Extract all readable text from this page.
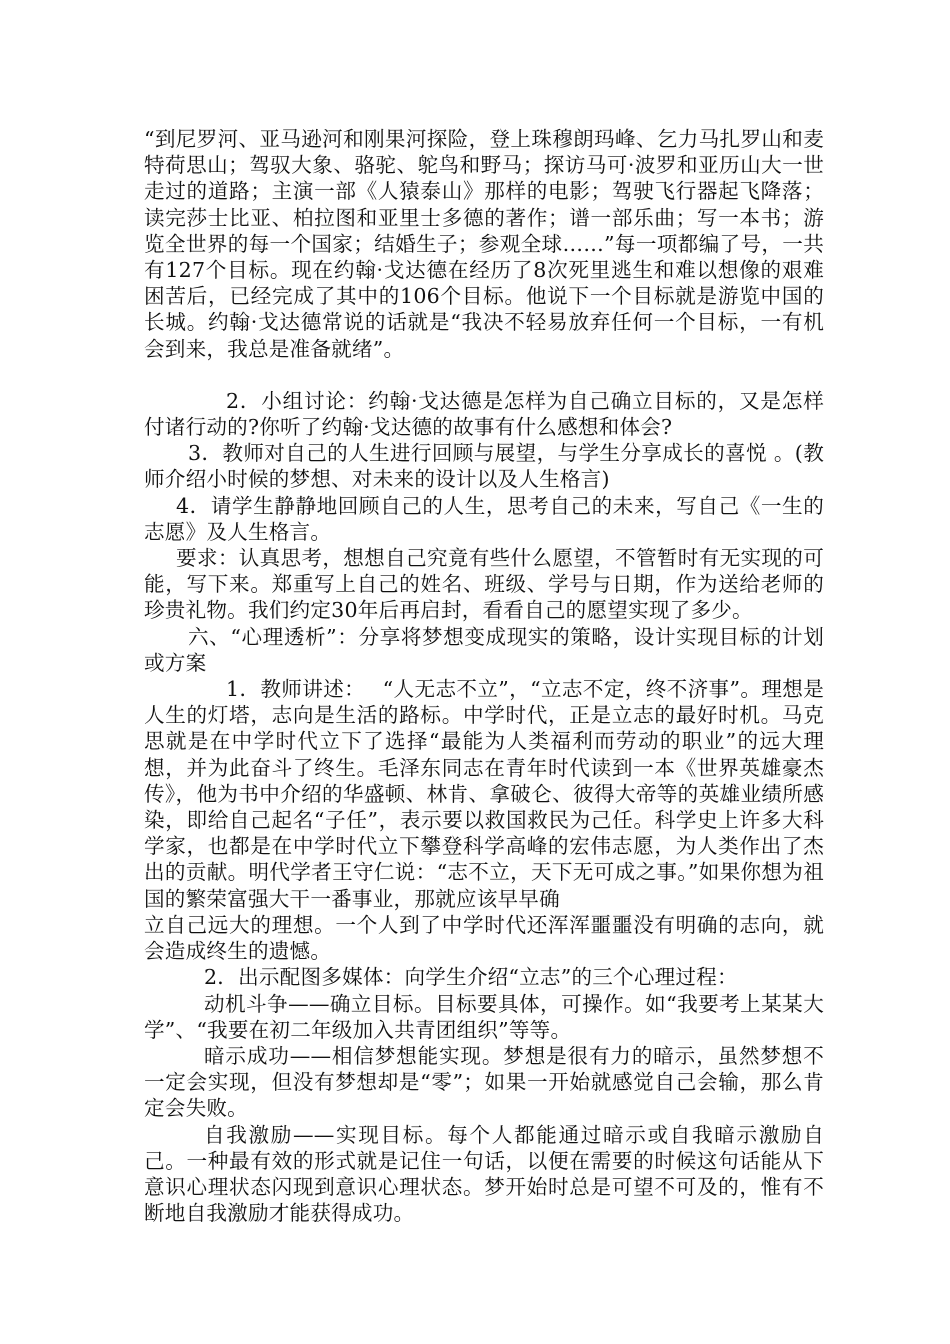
“到尼罗河、亚马逊河和刚果河探险，登上珠穆朗玛峰、乞力马扎罗山和麦特荷思山；驾驭大象、骆驼、鸵鸟和野马；探访马可·波罗和亚历山大一世走过的道路；主演一部《人猿泰山》那样的电影；驾驶飞行器起飞降落；读完莎士比亚、柏拉图和亚里士多德的著作；谱一部乐曲；写一本书；游览全世界的每一个国家；结婚生子；参观全球……”每一项都编了号，一共有127个目标。现在约翰·戈达德在经历了8次死里逃生和难以想像的艰难困苦后，已经完成了其中的106个目标。他说下一个目标就是游览中国的长城。约翰·戈达德常说的话就是“我决不轻易放弃任何一个目标，一有机会到来，我总是准备就绪”。

2．小组讨论：约翰·戈达德是怎样为自己确立目标的，又是怎样付诸行动的?你听了约翰·戈达德的故事有什么感想和体会?

3．教师对自己的人生进行回顾与展望，与学生分享成长的喜悦 。(教师介绍小时候的梦想、对未来的设计以及人生格言)

4．请学生静静地回顾自己的人生，思考自己的未来，写自己《一生的志愿》及人生格言。

要求：认真思考，想想自己究竟有些什么愿望，不管暂时有无实现的可能，写下来。郑重写上自己的姓名、班级、学号与日期，作为送给老师的珍贵礼物。我们约定30年后再启封，看看自己的愿望实现了多少。

六、“心理透析”：分享将梦想变成现实的策略，设计实现目标的计划或方案

1．教师讲述：　 “人无志不立”，“立志不定，终不济事”。理想是人生的灯塔，志向是生活的路标。中学时代，正是立志的最好时机。马克思就是在中学时代立下了选择“最能为人类福利而劳动的职业”的远大理想，并为此奋斗了终生。毛泽东同志在青年时代读到一本《世界英雄豪杰传》，他为书中介绍的华盛顿、林肯、拿破仑、彼得大帝等的英雄业绩所感染，即给自己起名“子任”，表示要以救国救民为己任。科学史上许多大科学家，也都是在中学时代立下攀登科学高峰的宏伟志愿，为人类作出了杰出的贡献。明代学者王守仁说：“志不立，天下无可成之事。”如果你想为祖国的繁荣富强大干一番事业，那就应该早早确

立自己远大的理想。一个人到了中学时代还浑浑噩噩没有明确的志向，就会造成终生的遗憾。

2．出示配图多媒体：向学生介绍“立志”的三个心理过程：

动机斗争——确立目标。目标要具体，可操作。如“我要考上某某大学”、“我要在初二年级加入共青团组织”等等。

暗示成功——相信梦想能实现。梦想是很有力的暗示，虽然梦想不一定会实现，但没有梦想却是“零”；如果一开始就感觉自己会输，那么肯定会失败。

自我激励——实现目标。每个人都能通过暗示或自我暗示激励自己。一种最有效的形式就是记住一句话，以便在需要的时候这句话能从下意识心理状态闪现到意识心理状态。梦开始时总是可望不可及的，惟有不断地自我激励才能获得成功。
